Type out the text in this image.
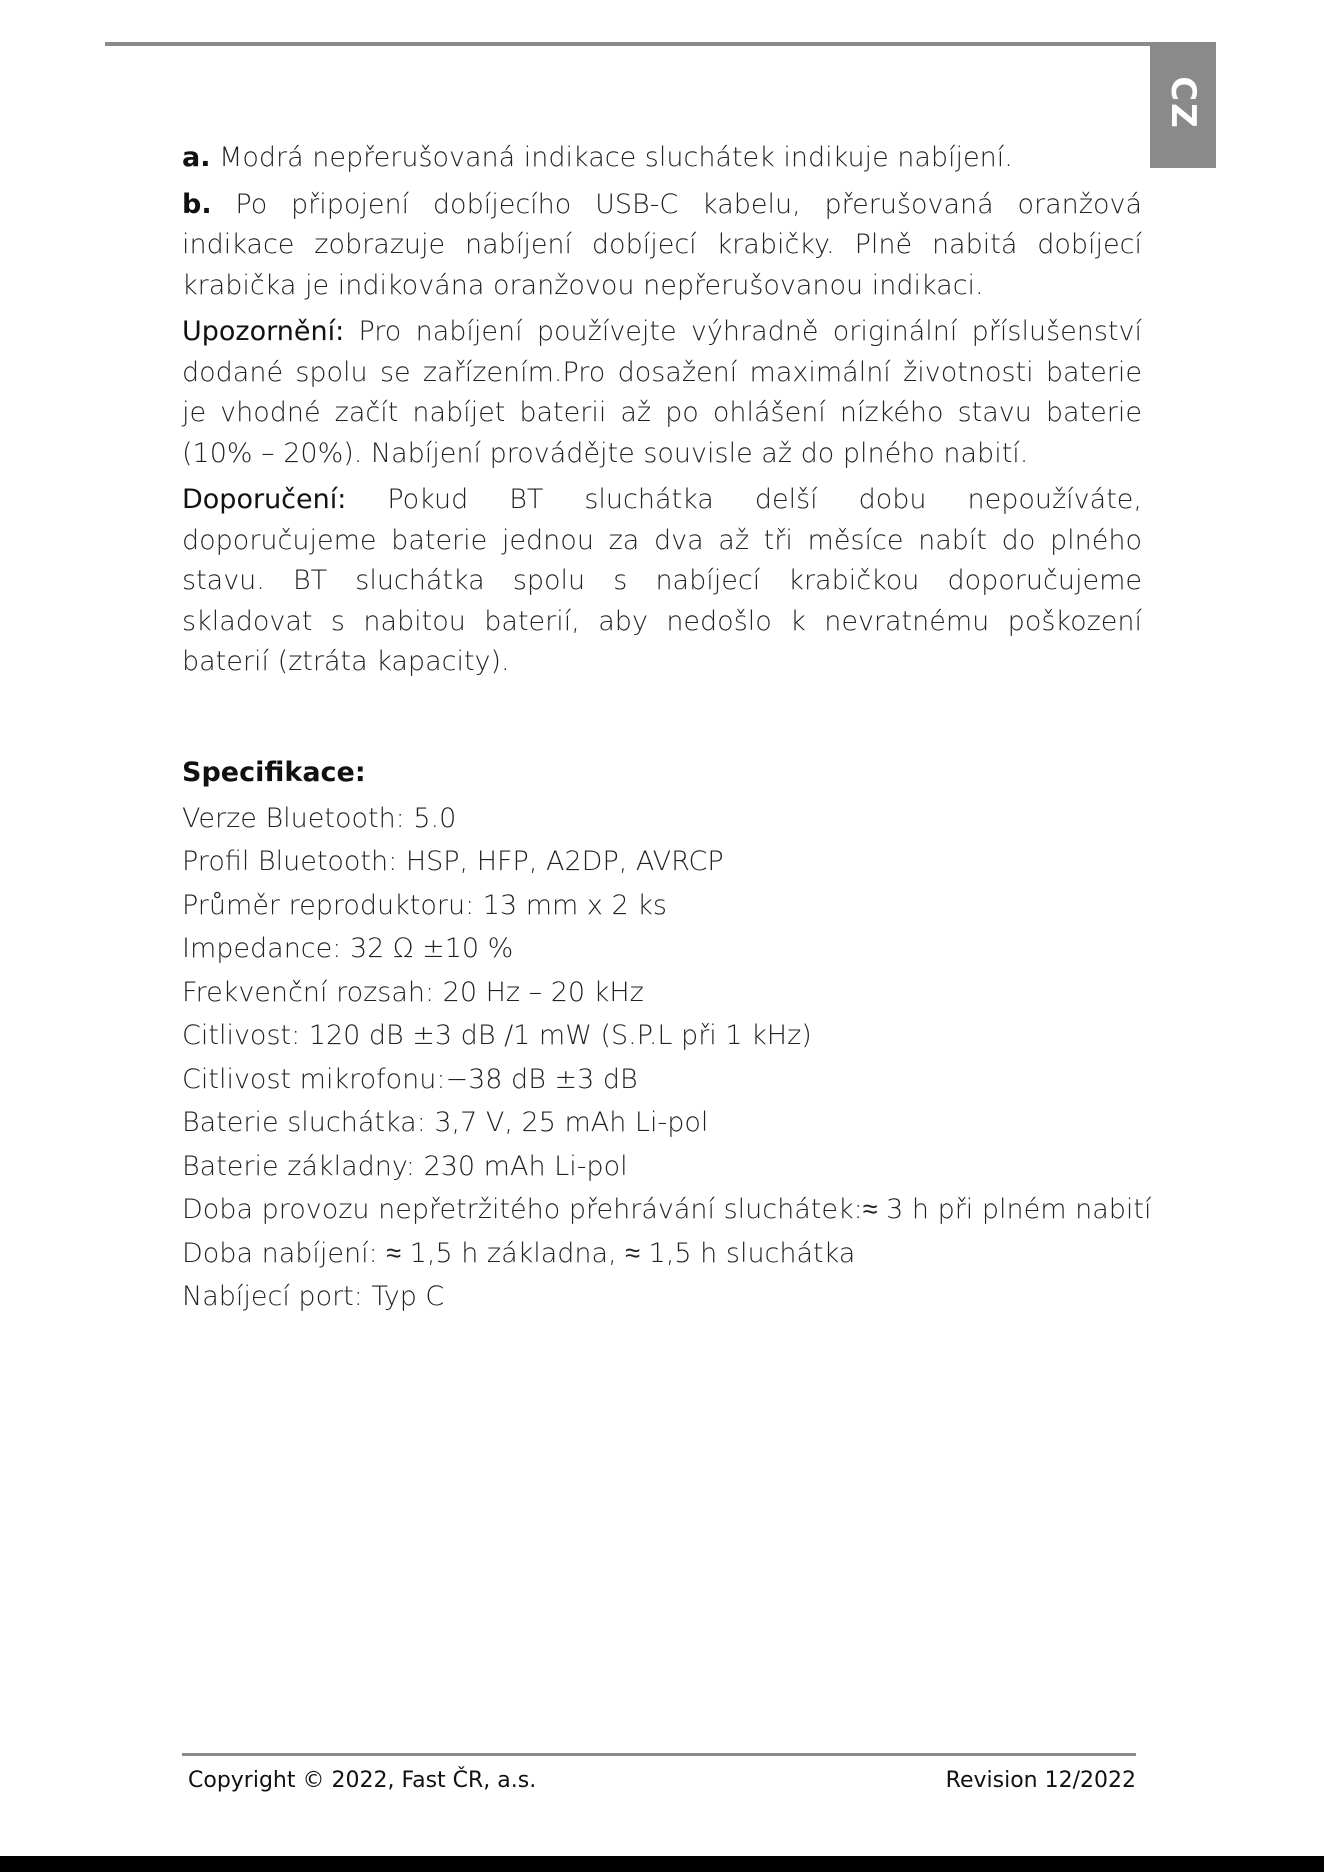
CZ

a. Modrá nepřerušovaná indikace sluchátek indikuje nabíjení.

b. Po připojení dobíjecího USB-C kabelu, přerušovaná oranžová indikace zobrazuje nabíjení dobíjecí krabičky. Plně nabitá dobíjecí krabička je indikována oranžovou nepřerušovanou indikaci.

Upozornění: Pro nabíjení používejte výhradně originální příslušenství dodané spolu se zařízením.Pro dosažení maximální životnosti baterie je vhodné začít nabíjet baterii až po ohlášení nízkého stavu baterie (10% – 20%). Nabíjení provádějte souvisle až do plného nabití.

Doporučení: Pokud BT sluchátka delší dobu nepoužíváte, doporučujeme baterie jednou za dva až tři měsíce nabít do plného stavu. BT sluchátka spolu s nabíjecí krabičkou doporučujeme skladovat s nabitou baterií, aby nedošlo k nevratnému poškození baterií (ztráta kapacity).

Specifikace:
Verze Bluetooth: 5.0
Profil Bluetooth: HSP, HFP, A2DP, AVRCP
Průměr reproduktoru: 13 mm x 2 ks
Impedance: 32 Ω ±10 %
Frekvenční rozsah: 20 Hz – 20 kHz
Citlivost: 120 dB ±3 dB /1 mW (S.P.L při 1 kHz)
Citlivost mikrofonu:−38 dB ±3 dB
Baterie sluchátka: 3,7 V, 25 mAh Li-pol
Baterie základny: 230 mAh Li-pol
Doba provozu nepřetržitého přehrávání sluchátek:≈ 3 h při plném nabití
Doba nabíjení: ≈ 1,5 h základna, ≈ 1,5 h sluchátka
Nabíjecí port: Typ C
Copyright © 2022, Fast ČR, a.s.	Revision 12/2022
